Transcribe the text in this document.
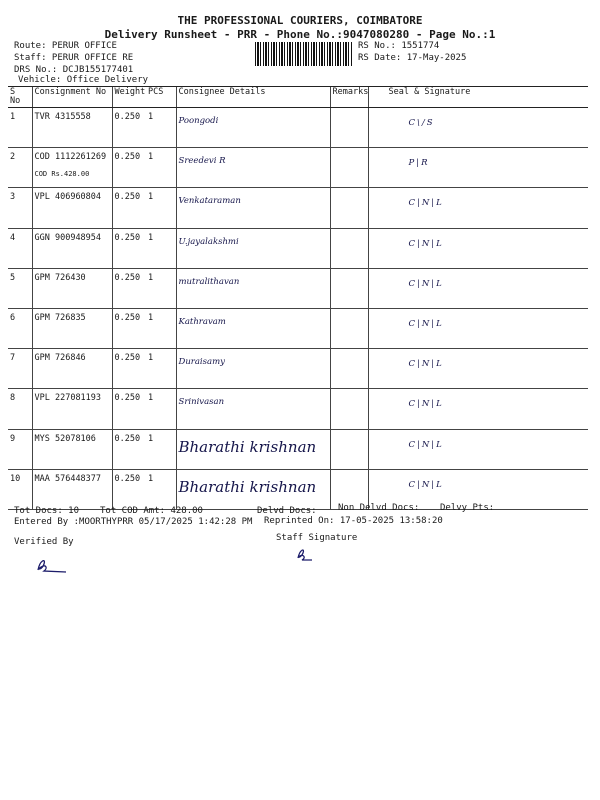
THE PROFESSIONAL COURIERS, COIMBATORE
Delivery Runsheet - PRR - Phone No.:9047080280 - Page No.:1
Route: PERUR OFFICE
Staff: PERUR OFFICE RE
DRS No.: DCJB155177401
Vehicle: Office Delivery
RS No.: 1551774
RS Date: 17-May-2025
S No	Consignment No	Weight	PCS	Consignee Details	Remarks	Seal & Signature
1	TVR 4315558	0.250	1	Poongodi		C\/S
2	COD 1112261269
COD Rs.428.00	0.250	1	Sreedevi R		P|R
3	VPL 406960804	0.250	1	Venkataraman		C|N|L
4	GGN 900948954	0.250	1	U.jayalakshmi		C|N|L
5	GPM 726430	0.250	1	mutralithavan		C|N|L
6	GPM 726835	0.250	1	Kathravam		C|N|L
7	GPM 726846	0.250	1	Duraisamy		C|N|L
8	VPL 227081193	0.250	1	Srinivasan		C|N|L
9	MYS 52078106	0.250	1	Bharathi krishnan		C|N|L
10	MAA 576448377	0.250	1	Bharathi krishnan		C|N|L
Tot Docs: 10 Tot COD Amt: 428.00	Delvd Docs: Non Delvd Docs: Delvy Pts:
Entered By :MOORTHYPRR 05/17/2025 1:42:28 PM Reprinted On: 17-05-2025 13:58:20
Verified By	Staff Signature
